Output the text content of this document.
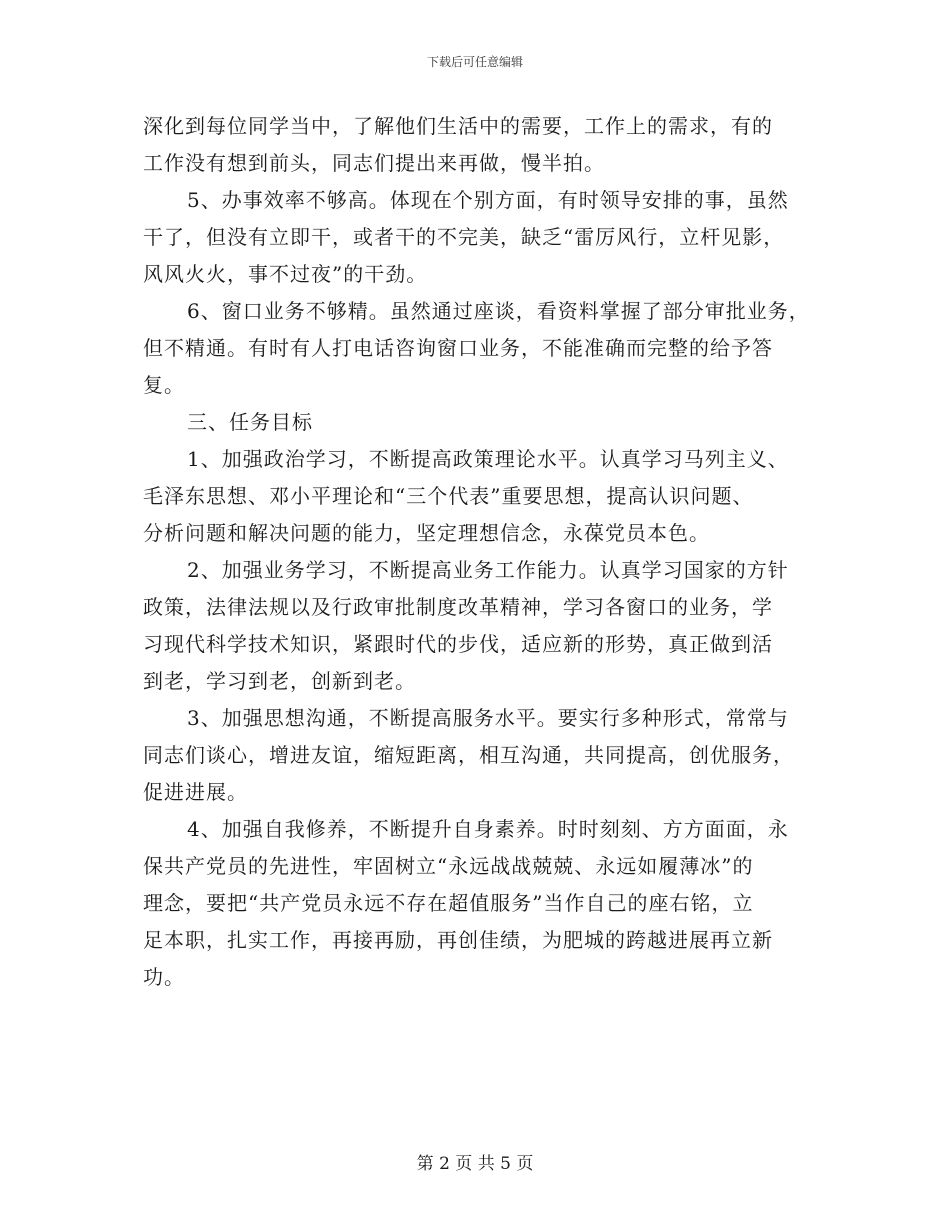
下载后可任意编辑
深化到每位同学当中，了解他们生活中的需要，工作上的需求，有的
工作没有想到前头，同志们提出来再做，慢半拍。
5、办事效率不够高。体现在个别方面，有时领导安排的事，虽然
干了，但没有立即干，或者干的不完美，缺乏“雷厉风行，立杆见影，
风风火火，事不过夜”的干劲。
6、窗口业务不够精。虽然通过座谈，看资料掌握了部分审批业务，
但不精通。有时有人打电话咨询窗口业务，不能准确而完整的给予答
复。
三、任务目标
1、加强政治学习，不断提高政策理论水平。认真学习马列主义、
毛泽东思想、邓小平理论和“三个代表”重要思想，提高认识问题、
分析问题和解决问题的能力，坚定理想信念，永葆党员本色。
2、加强业务学习，不断提高业务工作能力。认真学习国家的方针
政策，法律法规以及行政审批制度改革精神，学习各窗口的业务，学
习现代科学技术知识，紧跟时代的步伐，适应新的形势，真正做到活
到老，学习到老，创新到老。
3、加强思想沟通，不断提高服务水平。要实行多种形式，常常与
同志们谈心，增进友谊，缩短距离，相互沟通，共同提高，创优服务，
促进进展。
4、加强自我修养，不断提升自身素养。时时刻刻、方方面面，永
保共产党员的先进性，牢固树立“永远战战兢兢、永远如履薄冰”的
理念，要把“共产党员永远不存在超值服务”当作自己的座右铭，立
足本职，扎实工作，再接再励，再创佳绩，为肥城的跨越进展再立新
功。
第 2 页 共 5 页
